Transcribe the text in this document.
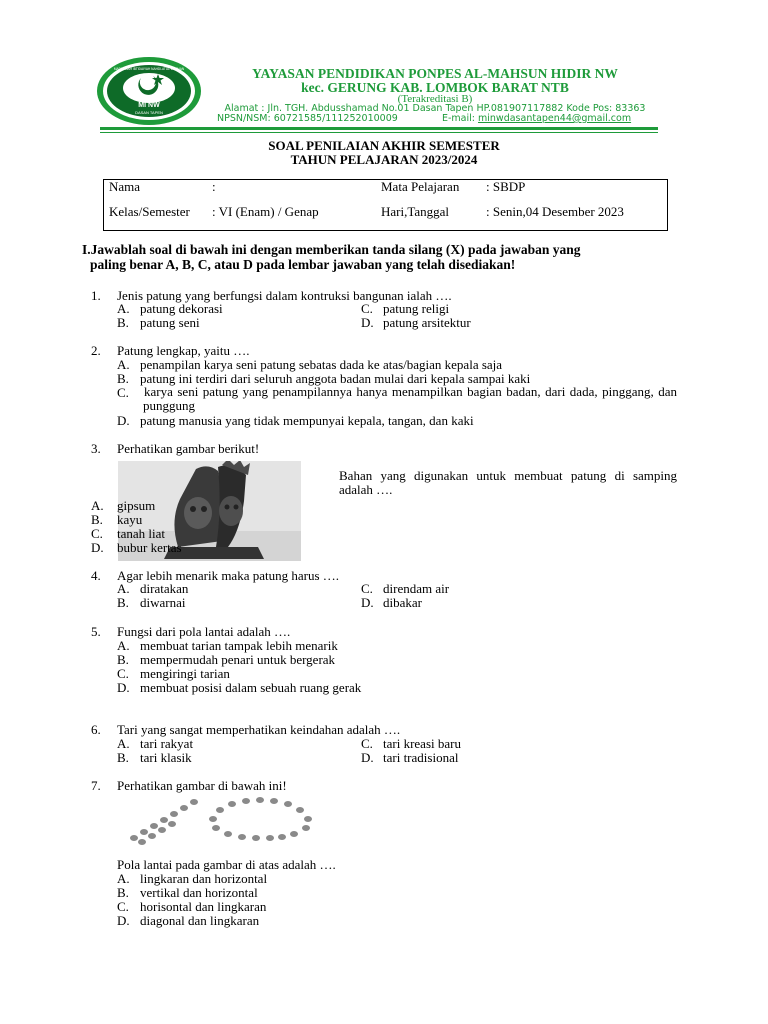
MADRASAH IBTIDAIYAH NAHDLATUL WATHAN
MI NW
DASAN TAPEN
YAYASAN PENDIDIKAN PONPES AL-MAHSUN HIDIR NW
kec. GERUNG KAB. LOMBOK BARAT NTB
(Terakreditasi B)
Alamat : Jln. TGH. Abdusshamad No.01 Dasan Tapen HP.081907117882 Kode Pos: 83363
NPSN/NSM: 60721585/111252010009	E-mail: minwdasantapen44@gmail.com
SOAL PENILAIAN AKHIR SEMESTER
TAHUN PELAJARAN 2023/2024
Nama	:	Mata Pelajaran : SBDP
Kelas/Semester : VI (Enam) / Genap	Hari,Tanggal	: Senin,04 Desember 2023
I.Jawablah soal di bawah ini dengan memberikan tanda silang (X) pada jawaban yang
paling benar A, B, C, atau D pada lembar jawaban yang telah disediakan!
1. Jenis patung yang berfungsi dalam kontruksi bangunan ialah ….
A. patung dekorasi
B. patung seni
C. patung religi
D. patung arsitektur
2. Patung lengkap, yaitu ….
A. penampilan karya seni patung sebatas dada ke atas/bagian kepala saja
B. patung ini terdiri dari seluruh anggota badan mulai dari kepala sampai kaki
C. karya seni patung yang penampilannya hanya menampilkan bagian badan, dari dada, pinggang, dan punggung
D. patung manusia yang tidak mempunyai kepala, tangan, dan kaki
3. Perhatikan gambar berikut!
Bahan yang digunakan untuk membuat patung di samping adalah ….
A. gipsum
B. kayu
C. tanah liat
D. bubur kertas
4. Agar lebih menarik maka patung harus ….
A. diratakan
B. diwarnai
C. direndam air
D. dibakar
5. Fungsi dari pola lantai adalah ….
A. membuat tarian tampak lebih menarik
B. mempermudah penari untuk bergerak
C. mengiringi tarian
D. membuat posisi dalam sebuah ruang gerak
6. Tari yang sangat memperhatikan keindahan adalah ….
A. tari rakyat
B. tari klasik
C. tari kreasi baru
D. tari tradisional
7. Perhatikan gambar di bawah ini!
Pola lantai pada gambar di atas adalah ….
A. lingkaran dan horizontal
B. vertikal dan horizontal
C. horisontal dan lingkaran
D. diagonal dan lingkaran
